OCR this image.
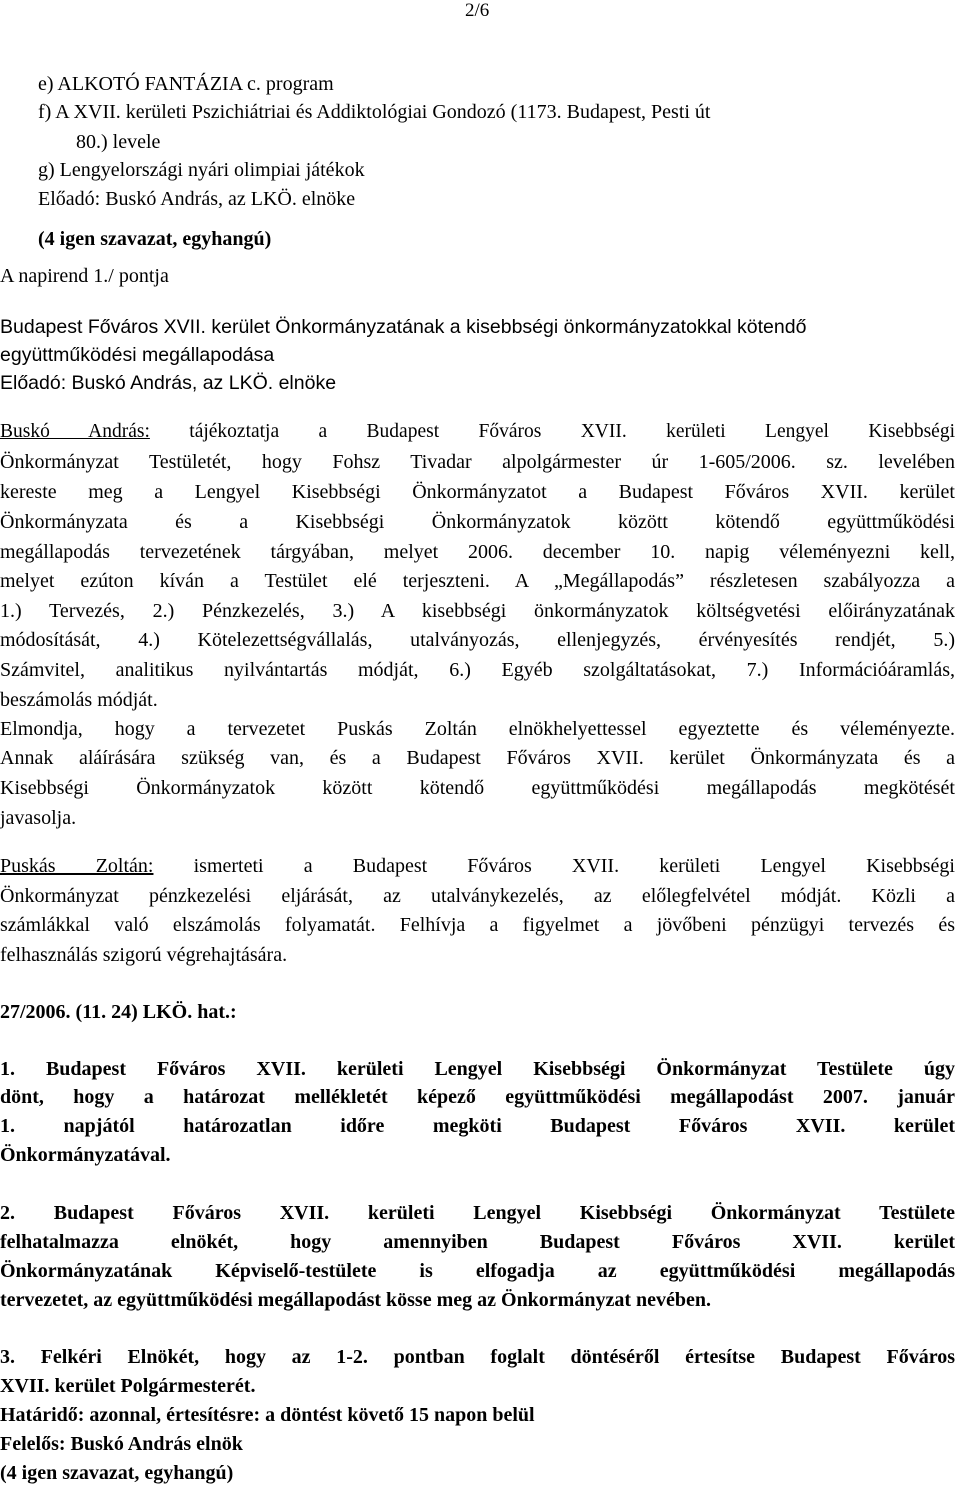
2/6
e) ALKOTÓ FANTÁZIA c. program
f) A XVII. kerületi Pszichiátriai és Addiktológiai Gondozó (1173. Budapest, Pesti út
80.) levele
g) Lengyelországi nyári olimpiai játékok
Előadó: Buskó András, az LKÖ. elnöke
(4 igen szavazat, egyhangú)
A napirend 1./ pontja
Budapest Főváros XVII. kerület Önkormányzatának a kisebbségi önkormányzatokkal kötendő
együttműködési megállapodása
Előadó: Buskó András, az LKÖ. elnöke
Buskó András: tájékoztatja a Budapest Főváros XVII. kerületi Lengyel Kisebbségi
Önkormányzat Testületét, hogy Fohsz Tivadar alpolgármester úr 1-605/2006. sz. levelében
kereste meg a Lengyel Kisebbségi Önkormányzatot a Budapest Főváros XVII. kerület
Önkormányzata és a Kisebbségi Önkormányzatok között kötendő együttműködési
megállapodás tervezetének tárgyában, melyet 2006. december 10. napig véleményezni kell,
melyet ezúton kíván a Testület elé terjeszteni. A „Megállapodás” részletesen szabályozza a
1.) Tervezés, 2.) Pénzkezelés, 3.) A kisebbségi önkormányzatok költségvetési előirányzatának
módosítását, 4.) Kötelezettségvállalás, utalványozás, ellenjegyzés, érvényesítés rendjét, 5.)
Számvitel, analitikus nyilvántartás módját, 6.) Egyéb szolgáltatásokat, 7.) Információáramlás,
beszámolás módját.
Elmondja, hogy a tervezetet Puskás Zoltán elnökhelyettessel egyeztette és véleményezte.
Annak aláírására szükség van, és a Budapest Főváros XVII. kerület Önkormányzata és a
Kisebbségi Önkormányzatok között kötendő együttműködési megállapodás megkötését
javasolja.
Puskás Zoltán: ismerteti a Budapest Főváros XVII. kerületi Lengyel Kisebbségi
Önkormányzat pénzkezelési eljárását, az utalványkezelés, az előlegfelvétel módját. Közli a
számlákkal való elszámolás folyamatát. Felhívja a figyelmet a jövőbeni pénzügyi tervezés és
felhasználás szigorú végrehajtására.
27/2006. (11. 24) LKÖ. hat.:
1. Budapest Főváros XVII. kerületi Lengyel Kisebbségi Önkormányzat Testülete úgy
dönt, hogy a határozat mellékletét képező együttműködési megállapodást 2007. január
1. napjától határozatlan időre megköti Budapest Főváros XVII. kerület
Önkormányzatával.
2. Budapest Főváros XVII. kerületi Lengyel Kisebbségi Önkormányzat Testülete
felhatalmazza elnökét, hogy amennyiben Budapest Főváros XVII. kerület
Önkormányzatának Képviselő-testülete is elfogadja az együttműködési megállapodás
tervezetet, az együttműködési megállapodást kösse meg az Önkormányzat nevében.
3. Felkéri Elnökét, hogy az 1-2. pontban foglalt döntéséről értesítse Budapest Főváros
XVII. kerület Polgármesterét.
Határidő: azonnal, értesítésre: a döntést követő 15 napon belül
Felelős: Buskó András elnök
(4 igen szavazat, egyhangú)
